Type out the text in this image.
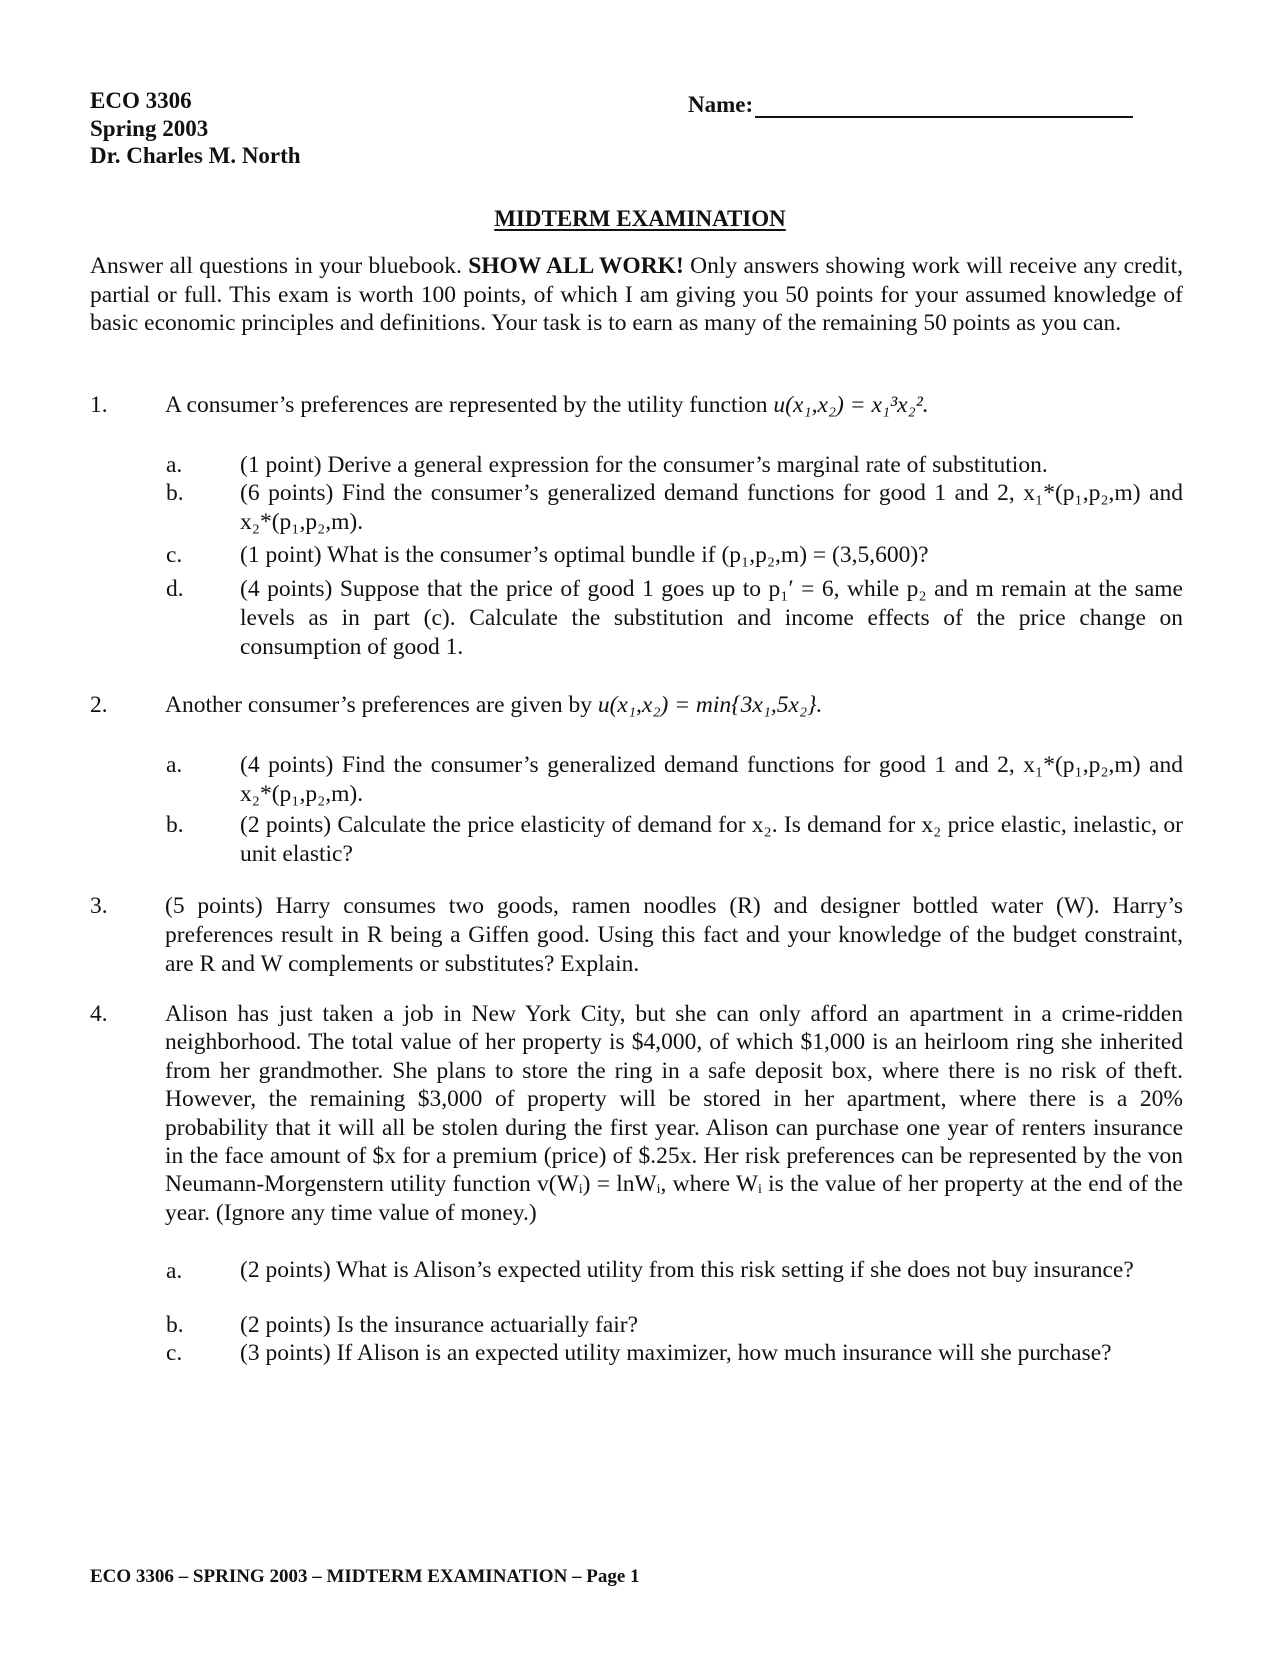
ECO 3306
Spring 2003
Dr. Charles M. North
Name:
MIDTERM EXAMINATION
Answer all questions in your bluebook. SHOW ALL WORK! Only answers showing work will receive any credit, partial or full. This exam is worth 100 points, of which I am giving you 50 points for your assumed knowledge of basic economic principles and definitions. Your task is to earn as many of the remaining 50 points as you can.
1. A consumer’s preferences are represented by the utility function u(x₁,x₂) = x₁³x₂².
a. (1 point) Derive a general expression for the consumer’s marginal rate of substitution.
b. (6 points) Find the consumer’s generalized demand functions for good 1 and 2, x₁*(p₁,p₂,m) and x₂*(p₁,p₂,m).
c. (1 point) What is the consumer’s optimal bundle if (p₁,p₂,m) = (3,5,600)?
d. (4 points) Suppose that the price of good 1 goes up to p₁′ = 6, while p₂ and m remain at the same levels as in part (c). Calculate the substitution and income effects of the price change on consumption of good 1.
2. Another consumer’s preferences are given by u(x₁,x₂) = min{3x₁,5x₂}.
a. (4 points) Find the consumer’s generalized demand functions for good 1 and 2, x₁*(p₁,p₂,m) and x₂*(p₁,p₂,m).
b. (2 points) Calculate the price elasticity of demand for x₂. Is demand for x₂ price elastic, inelastic, or unit elastic?
3. (5 points) Harry consumes two goods, ramen noodles (R) and designer bottled water (W). Harry’s preferences result in R being a Giffen good. Using this fact and your knowledge of the budget constraint, are R and W complements or substitutes? Explain.
4. Alison has just taken a job in New York City, but she can only afford an apartment in a crime-ridden neighborhood. The total value of her property is $4,000, of which $1,000 is an heirloom ring she inherited from her grandmother. She plans to store the ring in a safe deposit box, where there is no risk of theft. However, the remaining $3,000 of property will be stored in her apartment, where there is a 20% probability that it will all be stolen during the first year. Alison can purchase one year of renters insurance in the face amount of $x for a premium (price) of $.25x. Her risk preferences can be represented by the von Neumann-Morgenstern utility function v(Wᵢ) = lnWᵢ, where Wᵢ is the value of her property at the end of the year. (Ignore any time value of money.)
a. (2 points) What is Alison’s expected utility from this risk setting if she does not buy insurance?
b. (2 points) Is the insurance actuarially fair?
c. (3 points) If Alison is an expected utility maximizer, how much insurance will she purchase?
ECO 3306 – SPRING 2003 – MIDTERM EXAMINATION – Page 1
